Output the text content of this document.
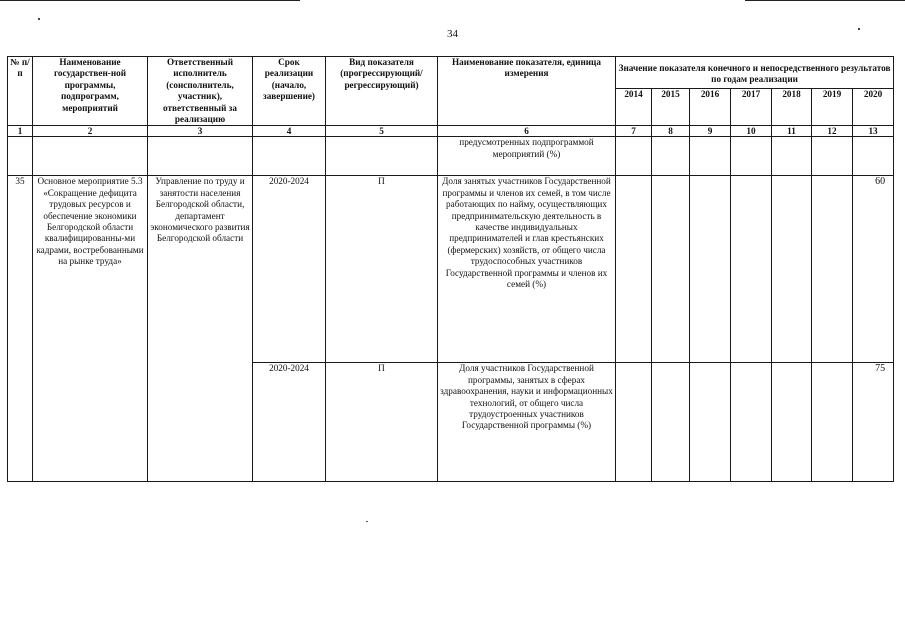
34
№ п/п	Наименование государствен-ной программы, подпрограмм, мероприятий	Ответственный исполнитель (соисполнитель, участник), ответственный за реализацию	Срок реализации (начало, завершение)	Вид показателя (прогрессирующий/ регрессирующий)	Наименование показателя, единица измерения	Значение показателя конечного и непосредственного результатов по годам реализации						
						2014	2015	2016	2017	2018	2019	2020
1	2	3	4	5	6	7	8	9	10	11	12	13
					предусмотренных подпрограммой мероприятий (%)							
35	Основное мероприятие 5.3 «Сокращение дефицита трудовых ресурсов и обеспечение экономики Белгородской области квалифицированны-ми кадрами, востребованными на рынке труда»	Управление по труду и занятости населения Белгородской области, департамент экономического развития Белгородской области	2020-2024	П	Доля занятых участников Государственной программы и членов их семей, в том числе работающих по найму, осуществляющих предпринимательскую деятельность в качестве индивидуальных предпринимателей и глав крестьянских (фермерских) хозяйств, от общего числа трудоспособных участников Государственной программы и членов их семей (%)							60
			2020-2024	П	Доля участников Государственной программы, занятых в сферах здравоохранения, науки и информационных технологий, от общего числа трудоустроенных участников Государственной программы (%)							75
